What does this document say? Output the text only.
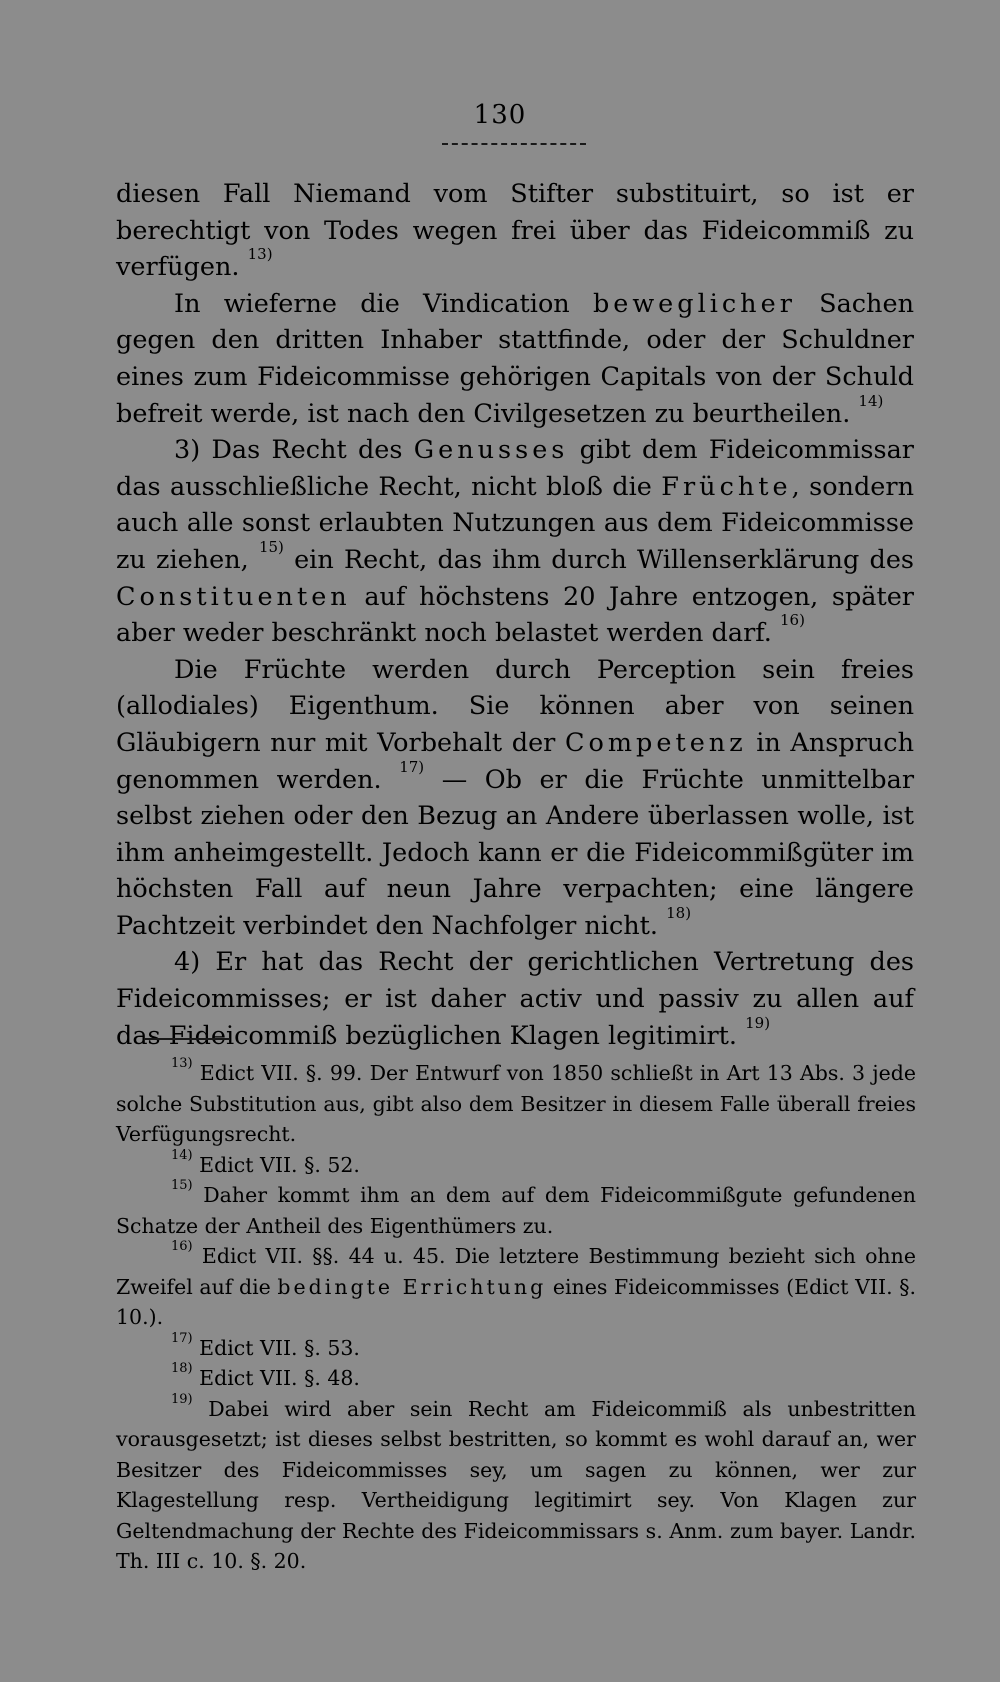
130

diesen Fall Niemand vom Stifter substituirt, so ist er berechtigt von Todes wegen frei über das Fideicommiß zu verfügen. $^{13)}$

In wieferne die Vindication beweglicher Sachen gegen den dritten Inhaber stattfinde, oder der Schuldner eines zum Fideicommisse gehörigen Capitals von der Schuld befreit werde, ist nach den Civilgesetzen zu beurtheilen. $^{14)}$

3) Das Recht des Genusses gibt dem Fideicommissar das ausschließliche Recht, nicht bloß die Früchte, sondern auch alle sonst erlaubten Nutzungen aus dem Fideicommisse zu ziehen, $^{15)}$ ein Recht, das ihm durch Willenserklärung des Constituenten auf höchstens 20 Jahre entzogen, später aber weder beschränkt noch belastet werden darf. $^{16)}$

Die Früchte werden durch Perception sein freies (allodiales) Eigenthum. Sie können aber von seinen Gläubigern nur mit Vorbehalt der Competenz in Anspruch genommen werden. $^{17)}$ — Ob er die Früchte unmittelbar selbst ziehen oder den Bezug an Andere überlassen wolle, ist ihm anheimgestellt. Jedoch kann er die Fideicommißgüter im höchsten Fall auf neun Jahre verpachten; eine längere Pachtzeit verbindet den Nachfolger nicht. $^{18)}$

4) Er hat das Recht der gerichtlichen Vertretung des Fideicommisses; er ist daher activ und passiv zu allen auf das Fideicommiß bezüglichen Klagen legitimirt. $^{19)}$

$^{13)}$ Edict VII. §. 99. Der Entwurf von 1850 schließt in Art 13 Abs. 3 jede solche Substitution aus, gibt also dem Besitzer in diesem Falle überall freies Verfügungsrecht.

$^{14)}$ Edict VII. §. 52.

$^{15)}$ Daher kommt ihm an dem auf dem Fideicommißgute gefundenen Schatze der Antheil des Eigenthümers zu.

$^{16)}$ Edict VII. §§. 44 u. 45. Die letztere Bestimmung bezieht sich ohne Zweifel auf die bedingte Errichtung eines Fideicommisses (Edict VII. §. 10.).

$^{17)}$ Edict VII. §. 53.

$^{18)}$ Edict VII. §. 48.

$^{19)}$ Dabei wird aber sein Recht am Fideicommiß als unbestritten vorausgesetzt; ist dieses selbst bestritten, so kommt es wohl darauf an, wer Besitzer des Fideicommisses sey, um sagen zu können, wer zur Klagestellung resp. Vertheidigung legitimirt sey. Von Klagen zur Geltendmachung der Rechte des Fideicommissars s. Anm. zum bayer. Landr. Th. III c. 10. §. 20.
